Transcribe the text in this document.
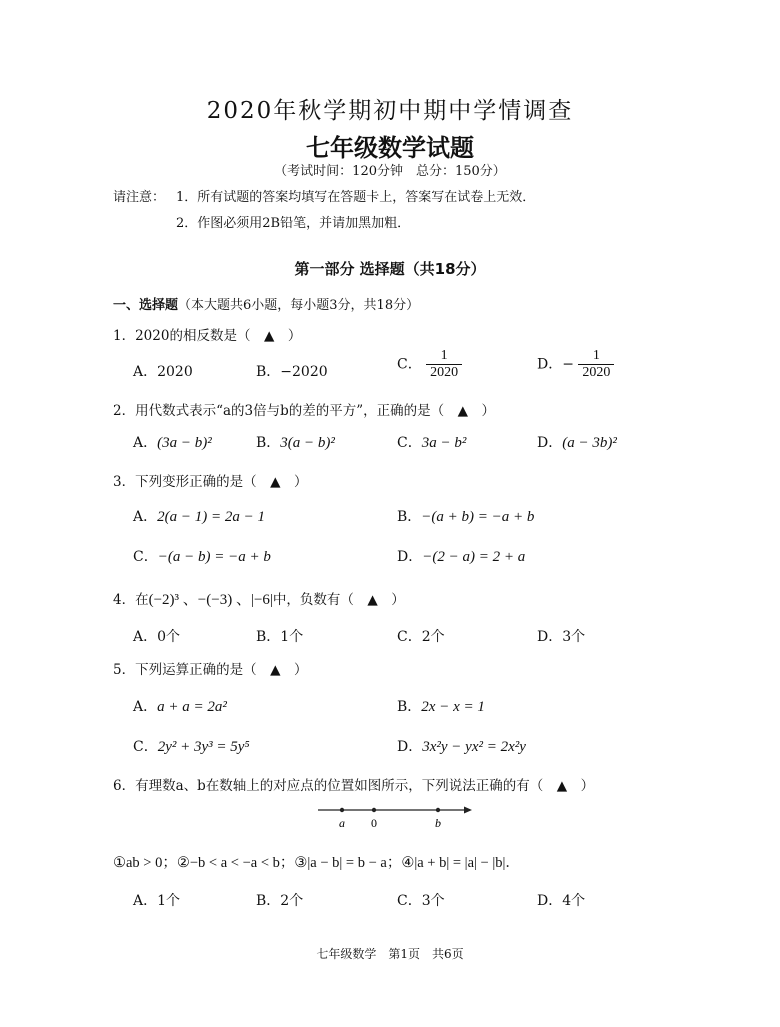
2020年秋学期初中期中学情调查
七年级数学试题
（考试时间：120分钟　总分：150分）
请注意： 1．所有试题的答案均填写在答题卡上，答案写在试卷上无效．
2．作图必须用2B铅笔，并请加黑加粗．
第一部分 选择题（共18分）
一、选择题（本大题共6小题，每小题3分，共18分）
1．2020的相反数是（　▲　）
A．2020	B．−2020	C． $\frac{1}{2020}$	D．− $\frac{1}{2020}$
2．用代数式表示“a的3倍与b的差的平方”，正确的是（　▲　）
A．(3a − b)²	B．3(a − b)²	C．3a − b²	D．(a − 3b)²
3．下列变形正确的是（　▲　）
A．2(a − 1) = 2a − 1	B．−(a + b) = −a + b
C．−(a − b) = −a + b	D．−(2 − a) = 2 + a
4．在(−2)³ 、−(−3) 、|−6|中，负数有（　▲　）
A．0个	B．1个	C．2个	D．3个
5．下列运算正确的是（　▲　）
A．a + a = 2a²	B．2x − x = 1
C．2y² + 3y³ = 5y⁵	D．3x²y − yx² = 2x²y
6．有理数a、b在数轴上的对应点的位置如图所示，下列说法正确的有（　▲　）
a 0	b
①ab > 0；②−b < a < −a < b；③|a − b| = b − a；④|a + b| = |a| − |b|．
A．1个	B．2个	C．3个	D．4个
七年级数学　第1页　共6页
